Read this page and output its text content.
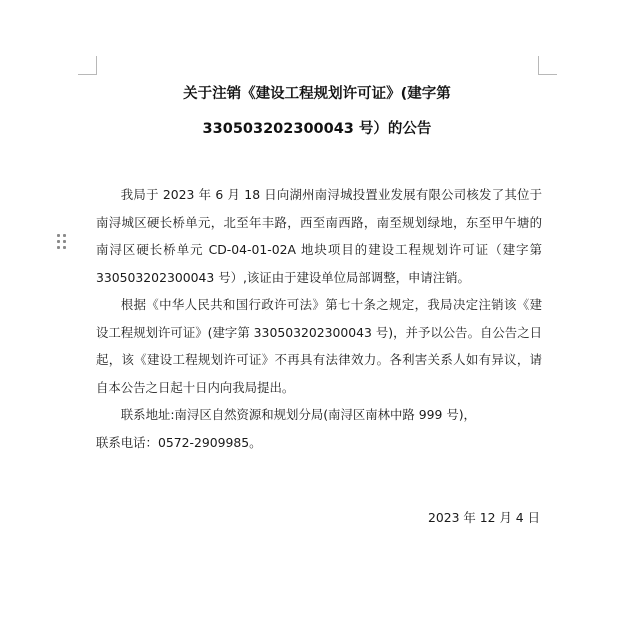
关于注销《建设工程规划许可证》(建字第
330503202300043 号）的公告

我局于 2023 年 6 月 18 日向湖州南浔城投置业发展有限公司核发了其位于南浔城区硬长桥单元，北至年丰路，西至南西路，南至规划绿地，东至甲午塘的南浔区硬长桥单元 CD-04-01-02A 地块项目的建设工程规划许可证（建字第 330503202300043 号）,该证由于建设单位局部调整，申请注销。

根据《中华人民共和国行政许可法》第七十条之规定，我局决定注销该《建设工程规划许可证》(建字第 330503202300043 号)，并予以公告。自公告之日起，该《建设工程规划许可证》不再具有法律效力。各利害关系人如有异议，请自本公告之日起十日内向我局提出。

联系地址:南浔区自然资源和规划分局(南浔区南林中路 999 号)，

联系电话：0572-2909985。

2023 年 12 月 4 日
